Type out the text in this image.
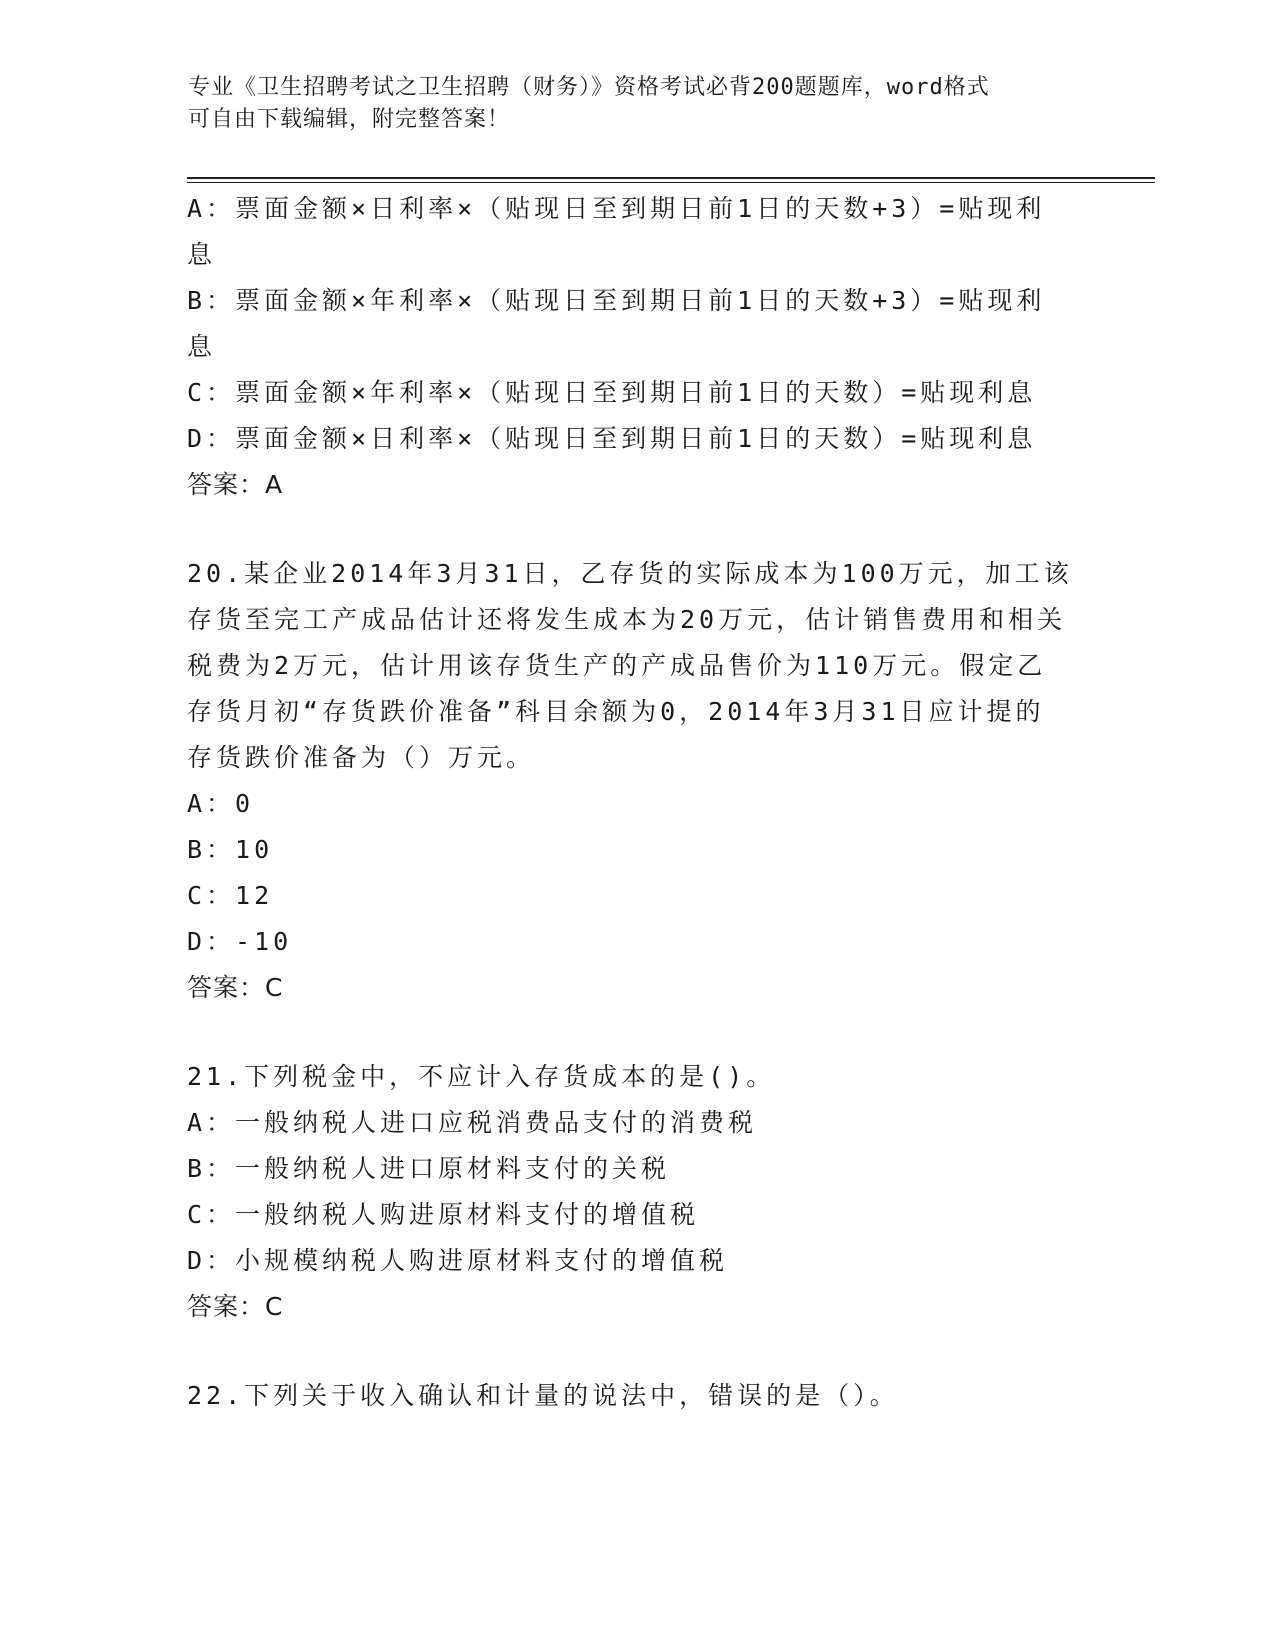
专业《卫生招聘考试之卫生招聘（财务）》资格考试必背200题题库，word格式
可自由下载编辑，附完整答案！
A：票面金额×日利率×（贴现日至到期日前1日的天数+3）=贴现利息
B：票面金额×年利率×（贴现日至到期日前1日的天数+3）=贴现利息
C：票面金额×年利率×（贴现日至到期日前1日的天数）=贴现利息
D：票面金额×日利率×（贴现日至到期日前1日的天数）=贴现利息
答案：A
20.某企业2014年3月31日，乙存货的实际成本为100万元，加工该
存货至完工产成品估计还将发生成本为20万元，估计销售费用和相关
税费为2万元，估计用该存货生产的产成品售价为110万元。假定乙
存货月初“存货跌价准备”科目余额为0，2014年3月31日应计提的
存货跌价准备为（）万元。
A：0
B：10
C：12
D：-10
答案：C
21.下列税金中，不应计入存货成本的是()。
A：一般纳税人进口应税消费品支付的消费税
B：一般纳税人进口原材料支付的关税
C：一般纳税人购进原材料支付的增值税
D：小规模纳税人购进原材料支付的增值税
答案：C
22.下列关于收入确认和计量的说法中，错误的是（）。
